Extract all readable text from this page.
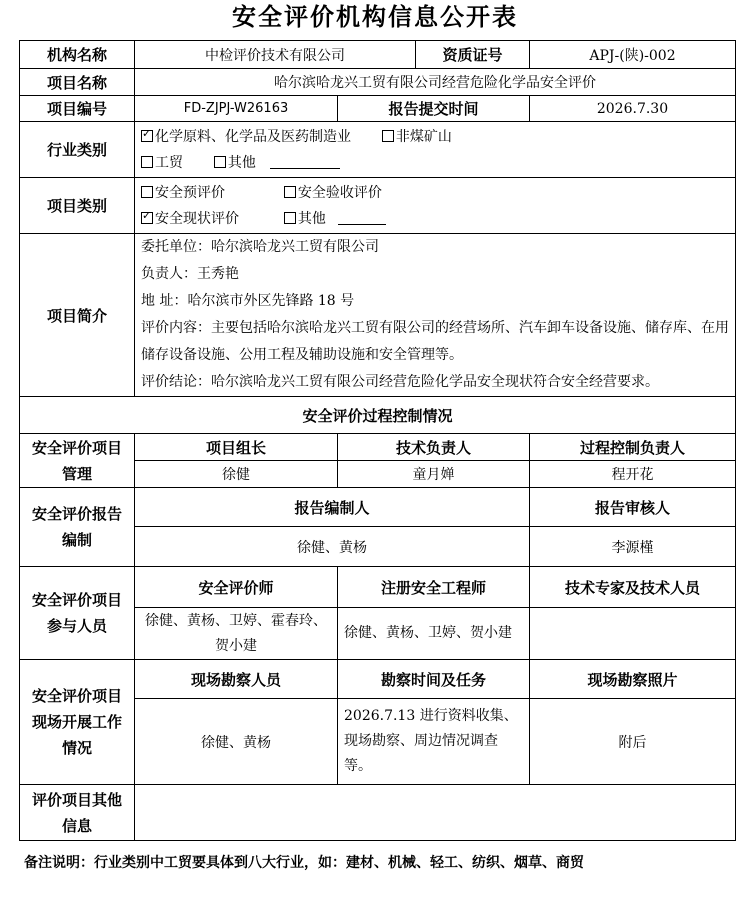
安全评价机构信息公开表
机构名称	中检评价技术有限公司		资质证号	APJ-(陕)-002
项目名称	哈尔滨哈龙兴工贸有限公司经营危险化学品安全评价			
项目编号	FD-ZJPJ-W26163	报告提交时间		2026.7.30
行业类别	
✓化学原料、化学品及医药制造业 非煤矿山
工贸 其他

项目类别	安全预评价 安全验收评价
✓安全现状评价 其他

项目简介	委托单位：哈尔滨哈龙兴工贸有限公司

负责人：王秀艳

地 址：哈尔滨市外区先锋路 18 号

评价内容：主要包括哈尔滨哈龙兴工贸有限公司的经营场所、汽车卸车设备设施、储存库、在用储存设备设施、公用工程及辅助设施和安全管理等。

评价结论：哈尔滨哈龙兴工贸有限公司经营危险化学品安全现状符合安全经营要求。			

安全评价过程控制情况				
安全评价项目管理	项目组长	技术负责人		过程控制负责人
	徐健	童月婵		程开花
安全评价报告编制	报告编制人			报告审核人
	徐健、黄杨			李源槿
安全评价项目参与人员	安全评价师	注册安全工程师		技术专家及技术人员
	徐健、黄杨、卫婷、霍春玲、贺小建	徐健、黄杨、卫婷、贺小建		
安全评价项目现场开展工作情况	现场勘察人员	勘察时间及任务		现场勘察照片
	徐健、黄杨	2026.7.13 进行资料收集、现场勘察、周边情况调查等。		附后
评价项目其他信息				
备注说明：行业类别中工贸要具体到八大行业，如：建材、机械、轻工、纺织、烟草、商贸
